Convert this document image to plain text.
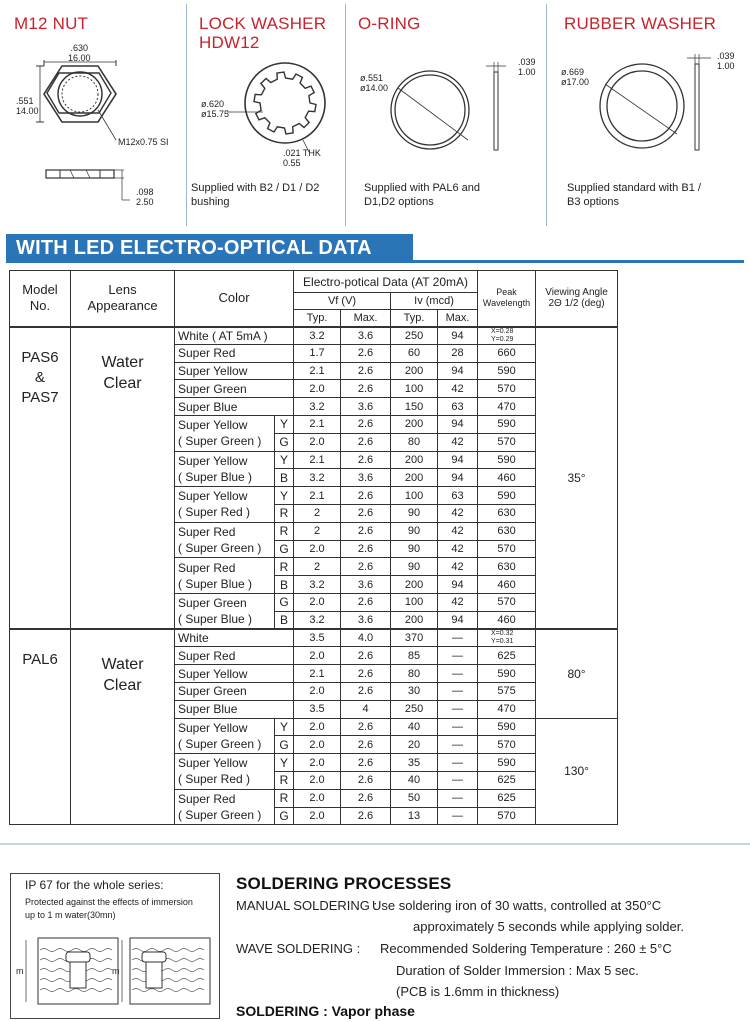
M12 NUT
.630
16.00
.551
14.00
M12x0.75 SI
.098
2.50
LOCK WASHER
HDW12
ø.620
ø15.75
.021 THK
0.55
Supplied with B2 / D1 / D2 bushing
O-RING
ø.551
ø14.00
.039
1.00
Supplied with PAL6 and D1,D2 options
RUBBER WASHER
ø.669
ø17.00
.039
1.00
Supplied standard with B1 / B3 options
WITH LED ELECTRO-OPTICAL DATA
Model
No.	Lens
Appearance	Color		Electro-potical Data (AT 20mA)				Peak
Wavelength	Viewing Angle
2Θ 1/2 (deg)
				Vf (V)		Iv (mcd)			
				Typ.	Max.	Typ.	Max.		
PAS6
&
PAS7	Water
Clear	White ( AT 5mA )		3.2	3.6	250	94	X=0.28
Y=0.29	35°
		Super Red		1.7	2.6	60	28	660	
		Super Yellow		2.1	2.6	200	94	590	
		Super Green		2.0	2.6	100	42	570	
		Super Blue		3.2	3.6	150	63	470	

		Super Yellow
( Super Green )	Y	2.1	2.6	200	94	590	
			G	2.0	2.6	80	42	570	

		Super Yellow
( Super Blue )	Y	2.1	2.6	200	94	590	
			B	3.2	3.6	200	94	460	

		Super Yellow
( Super Red )	Y	2.1	2.6	100	63	590	
			R	2	2.6	90	42	630	

		Super Red
( Super Green )	R	2	2.6	90	42	630	
			G	2.0	2.6	90	42	570	

		Super Red
( Super Blue )	R	2	2.6	90	42	630	
			B	3.2	3.6	200	94	460	

		Super Green
( Super Blue )	G	2.0	2.6	100	42	570	
			B	3.2	3.6	200	94	460	
PAL6	Water
Clear	White		3.5	4.0	370	—	X=0.32
Y=0.31	80°
		Super Red		2.0	2.6	85	—	625	
		Super Yellow		2.1	2.6	80	—	590	
		Super Green		2.0	2.6	30	—	575	
		Super Blue		3.5	4	250	—	470	

		Super Yellow
( Super Green )	Y	2.0	2.6	40	—	590	130°
			G	2.0	2.6	20	—	570	

		Super Yellow
( Super Red )	Y	2.0	2.6	35	—	590	
			R	2.0	2.6	40	—	625	

		Super Red
( Super Green )	R	2.0	2.6	50	—	625	
			G	2.0	2.6	13	—	570	
IP 67 for the whole series:
Protected against the effects of immersion up to 1 m water(30mn)
m	m
SOLDERING PROCESSES
MANUAL SOLDERING :
Use soldering iron of 30 watts, controlled at 350°C
approximately 5 seconds while applying solder.
WAVE SOLDERING : Recommended Soldering Temperature : 260 ± 5°C
Duration of Solder Immersion : Max 5 sec.
(PCB is 1.6mm in thickness)
SOLDERING : Vapor phase
